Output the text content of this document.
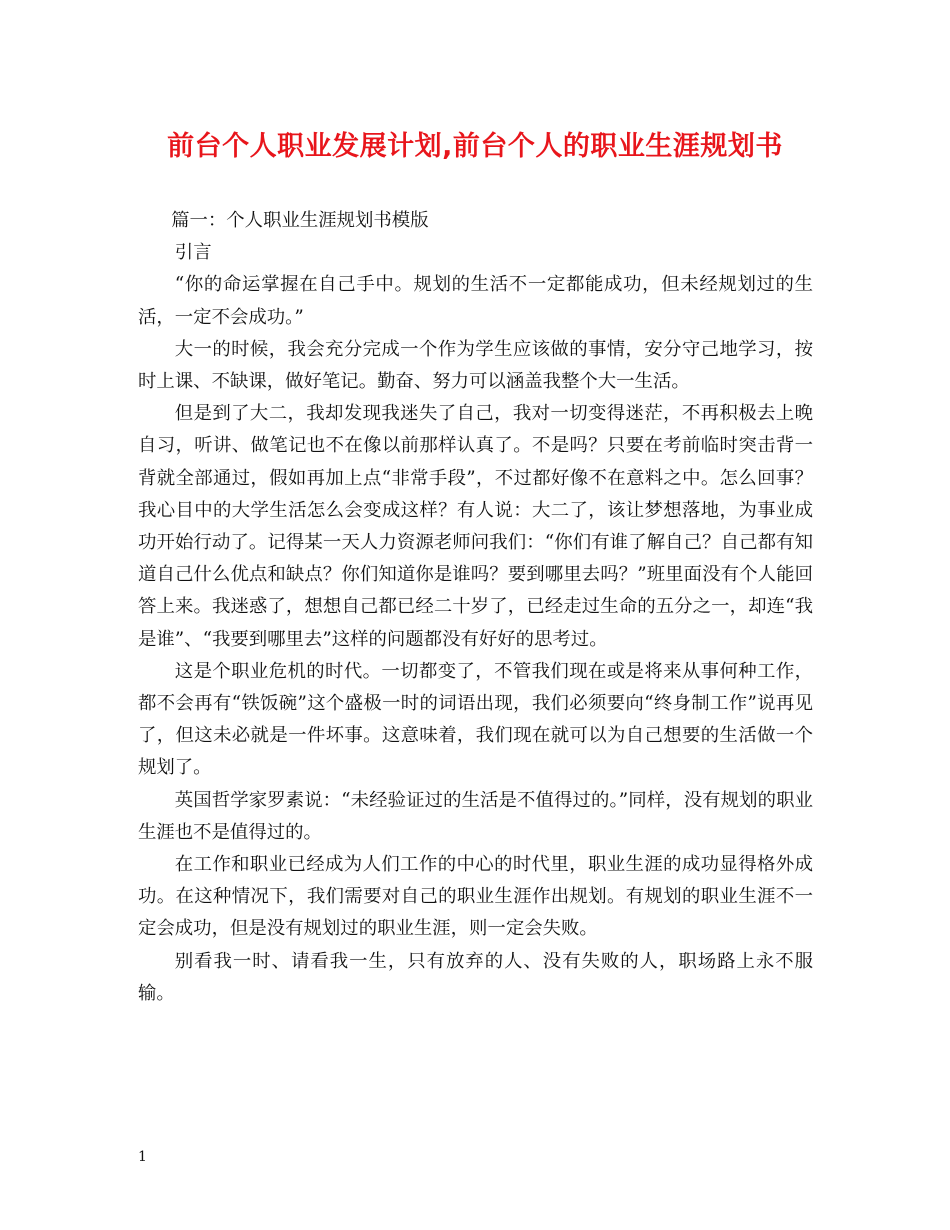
前台个人职业发展计划,前台个人的职业生涯规划书

篇一：个人职业生涯规划书模版

引言

“你的命运掌握在自己手中。规划的生活不一定都能成功，但未经规划过的生活，一定不会成功。”

大一的时候，我会充分完成一个作为学生应该做的事情，安分守己地学习，按时上课、不缺课，做好笔记。勤奋、努力可以涵盖我整个大一生活。

但是到了大二，我却发现我迷失了自己，我对一切变得迷茫，不再积极去上晚自习，听讲、做笔记也不在像以前那样认真了。不是吗？只要在考前临时突击背一背就全部通过，假如再加上点“非常手段”，不过都好像不在意料之中。怎么回事？我心目中的大学生活怎么会变成这样？有人说：大二了，该让梦想落地，为事业成功开始行动了。记得某一天人力资源老师问我们：“你们有谁了解自己？自己都有知道自己什么优点和缺点？你们知道你是谁吗？要到哪里去吗？”班里面没有个人能回答上来。我迷惑了，想想自己都已经二十岁了，已经走过生命的五分之一，却连“我是谁”、“我要到哪里去”这样的问题都没有好好的思考过。

这是个职业危机的时代。一切都变了，不管我们现在或是将来从事何种工作，都不会再有“铁饭碗”这个盛极一时的词语出现，我们必须要向“终身制工作”说再见了，但这未必就是一件坏事。这意味着，我们现在就可以为自己想要的生活做一个规划了。

英国哲学家罗素说：“未经验证过的生活是不值得过的。”同样，没有规划的职业生涯也不是值得过的。

在工作和职业已经成为人们工作的中心的时代里，职业生涯的成功显得格外成功。在这种情况下，我们需要对自己的职业生涯作出规划。有规划的职业生涯不一定会成功，但是没有规划过的职业生涯，则一定会失败。

别看我一时、请看我一生，只有放弃的人、没有失败的人，职场路上永不服输。

1
